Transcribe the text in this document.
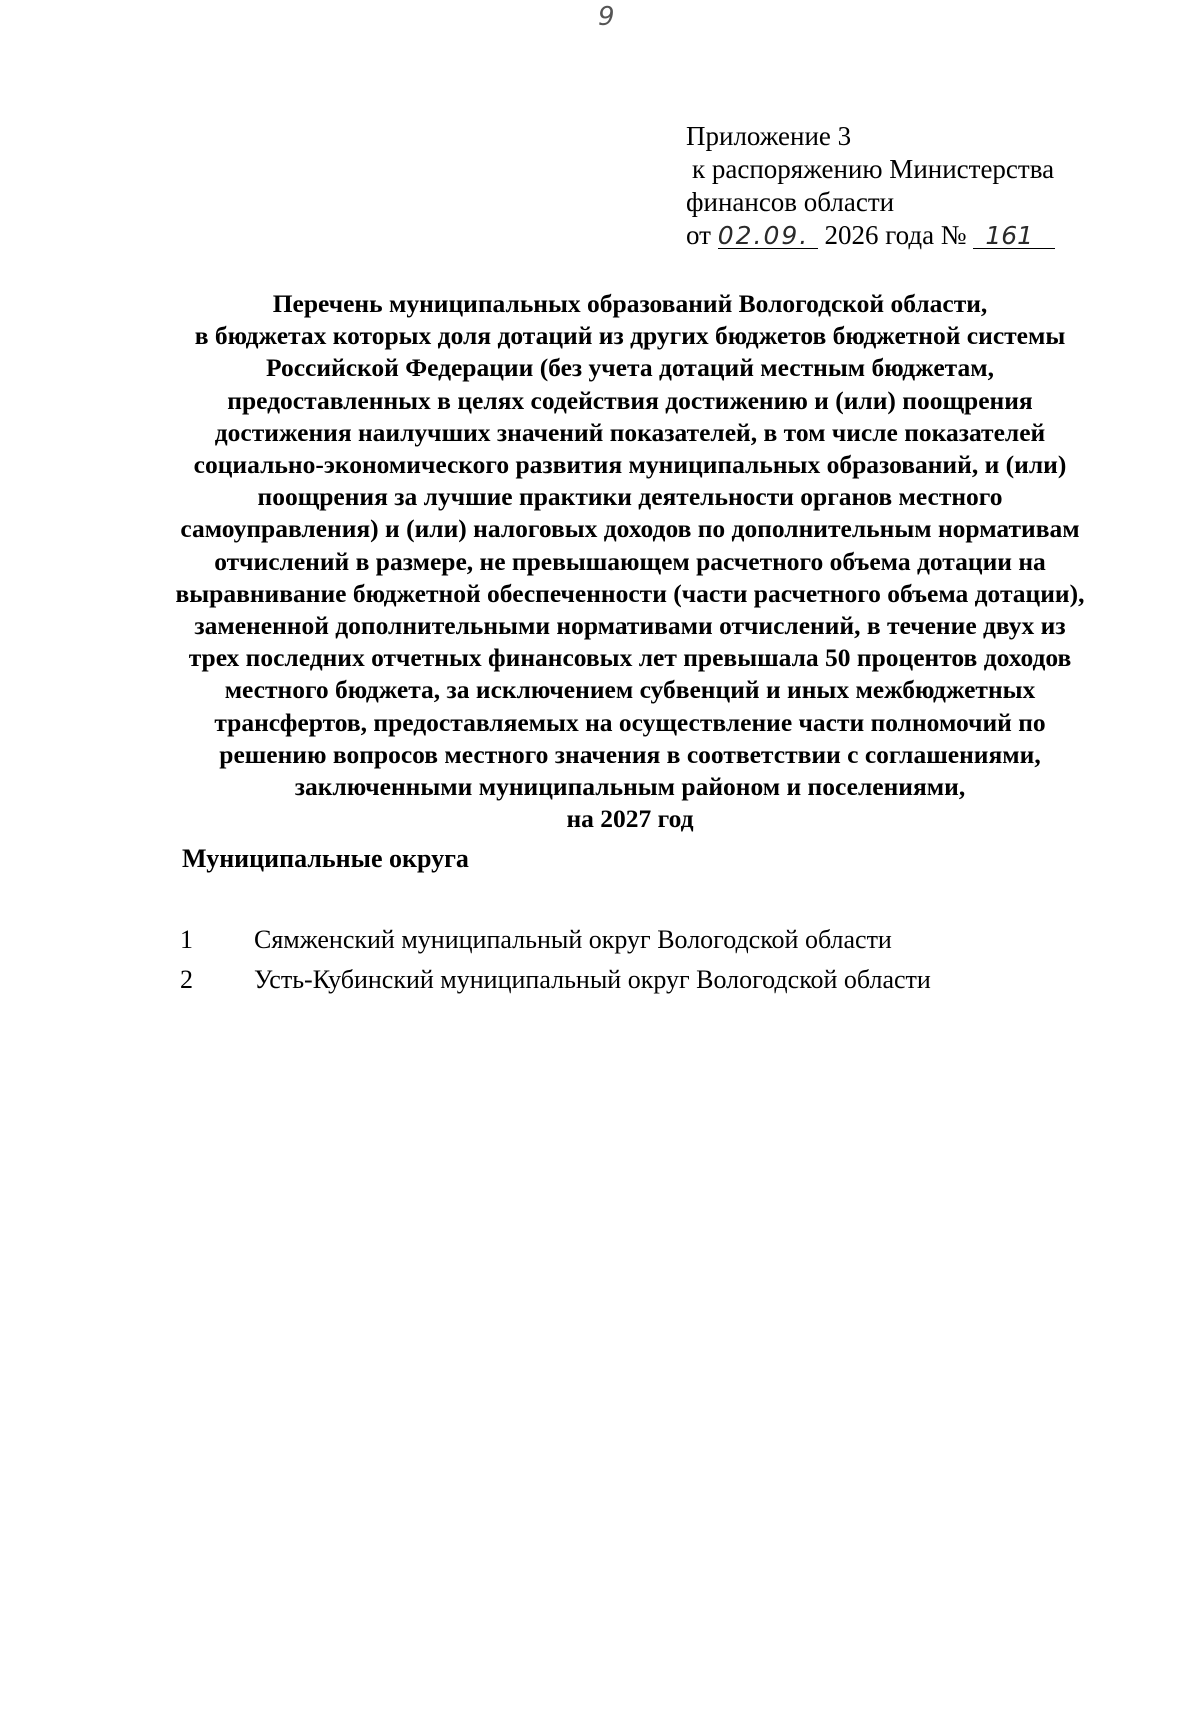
9
Приложение 3
к распоряжению Министерства
финансов области
от 02.09. 2026 года № 161
Перечень муниципальных образований Вологодской области,
в бюджетах которых доля дотаций из других бюджетов бюджетной системы
Российской Федерации (без учета дотаций местным бюджетам,
предоставленных в целях содействия достижению и (или) поощрения
достижения наилучших значений показателей, в том числе показателей
социально-экономического развития муниципальных образований, и (или)
поощрения за лучшие практики деятельности органов местного
самоуправления) и (или) налоговых доходов по дополнительным нормативам
отчислений в размере, не превышающем расчетного объема дотации на
выравнивание бюджетной обеспеченности (части расчетного объема дотации),
замененной дополнительными нормативами отчислений, в течение двух из
трех последних отчетных финансовых лет превышала 50 процентов доходов
местного бюджета, за исключением субвенций и иных межбюджетных
трансфертов, предоставляемых на осуществление части полномочий по
решению вопросов местного значения в соответствии с соглашениями,
заключенными муниципальным районом и поселениями,
на 2027 год
Муниципальные округа
1	Сямженский муниципальный округ Вологодской области
2	Усть-Кубинский муниципальный округ Вологодской области
